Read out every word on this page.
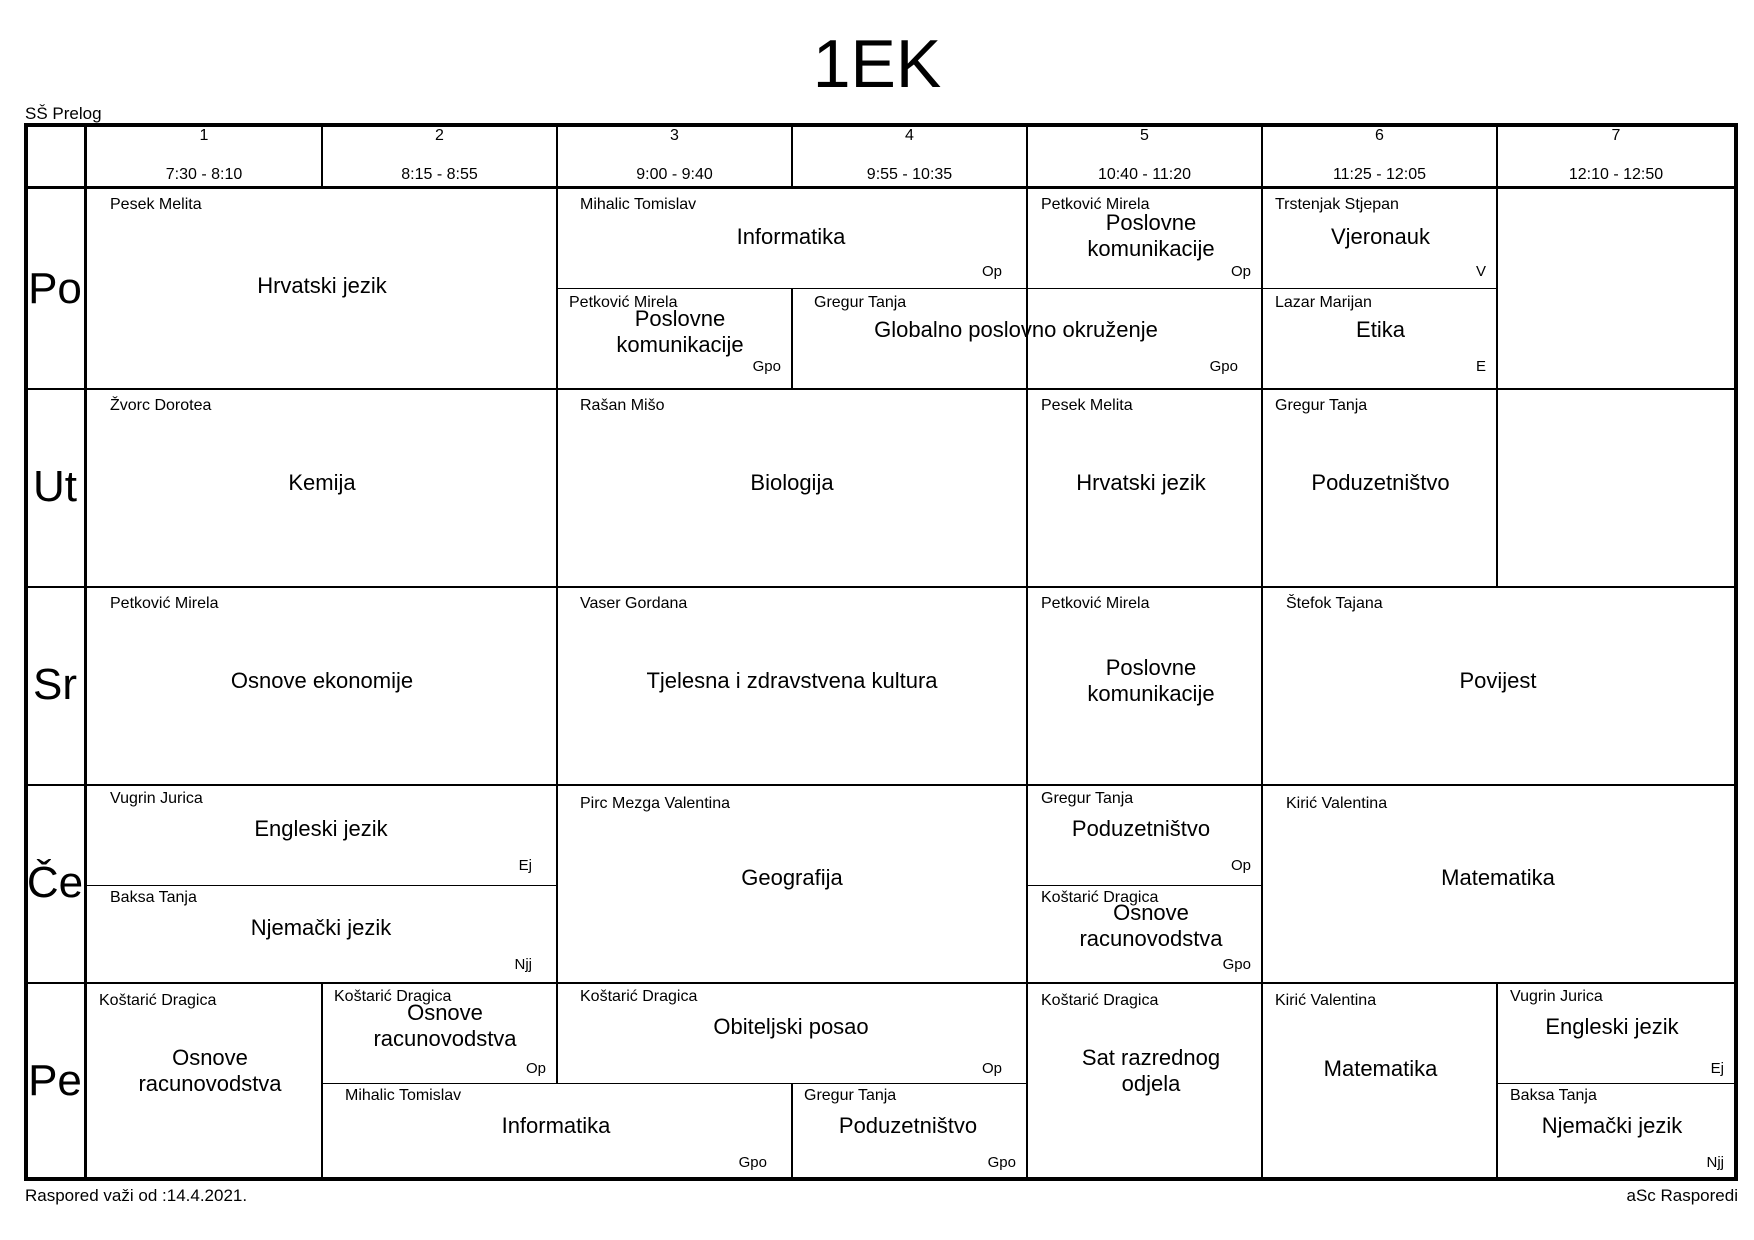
1EK
SŠ Prelog
1
7:30 - 8:10
2
8:15 - 8:55
3
9:00 - 9:40
4
9:55 - 10:35
5
10:40 - 11:20
6
11:25 - 12:05
7
12:10 - 12:50
Po
Ut
Sr
Če
Pe
Pesek Melita
Hrvatski jezik
Mihalic Tomislav
Informatika
Op
Petković Mirela
Poslovne komunikacije
Op
Trstenjak Stjepan
Vjeronauk
V
Petković Mirela
Poslovne komunikacije
Gpo
Gregur Tanja
Globalno poslovno okruženje
Gpo
Lazar Marijan
Etika
E
Žvorc Dorotea
Kemija
Rašan Mišo
Biologija
Pesek Melita
Hrvatski jezik
Gregur Tanja
Poduzetništvo
Petković Mirela
Osnove ekonomije
Vaser Gordana
Tjelesna i zdravstvena kultura
Petković Mirela
Poslovne komunikacije
Štefok Tajana
Povijest
Vugrin Jurica
Engleski jezik
Ej
Baksa Tanja
Njemački jezik
Njj
Pirc Mezga Valentina
Geografija
Gregur Tanja
Poduzetništvo
Op
Koštarić Dragica
Osnove racunovodstva
Gpo
Kirić Valentina
Matematika
Koštarić Dragica
Osnove racunovodstva
Koštarić Dragica
Osnove racunovodstva
Op
Koštarić Dragica
Obiteljski posao
Op
Mihalic Tomislav
Informatika
Gpo
Gregur Tanja
Poduzetništvo
Gpo
Koštarić Dragica
Sat razrednog odjela
Kirić Valentina
Matematika
Vugrin Jurica
Engleski jezik
Ej
Baksa Tanja
Njemački jezik
Njj
Raspored važi od :14.4.2021.	aSc Rasporedi
